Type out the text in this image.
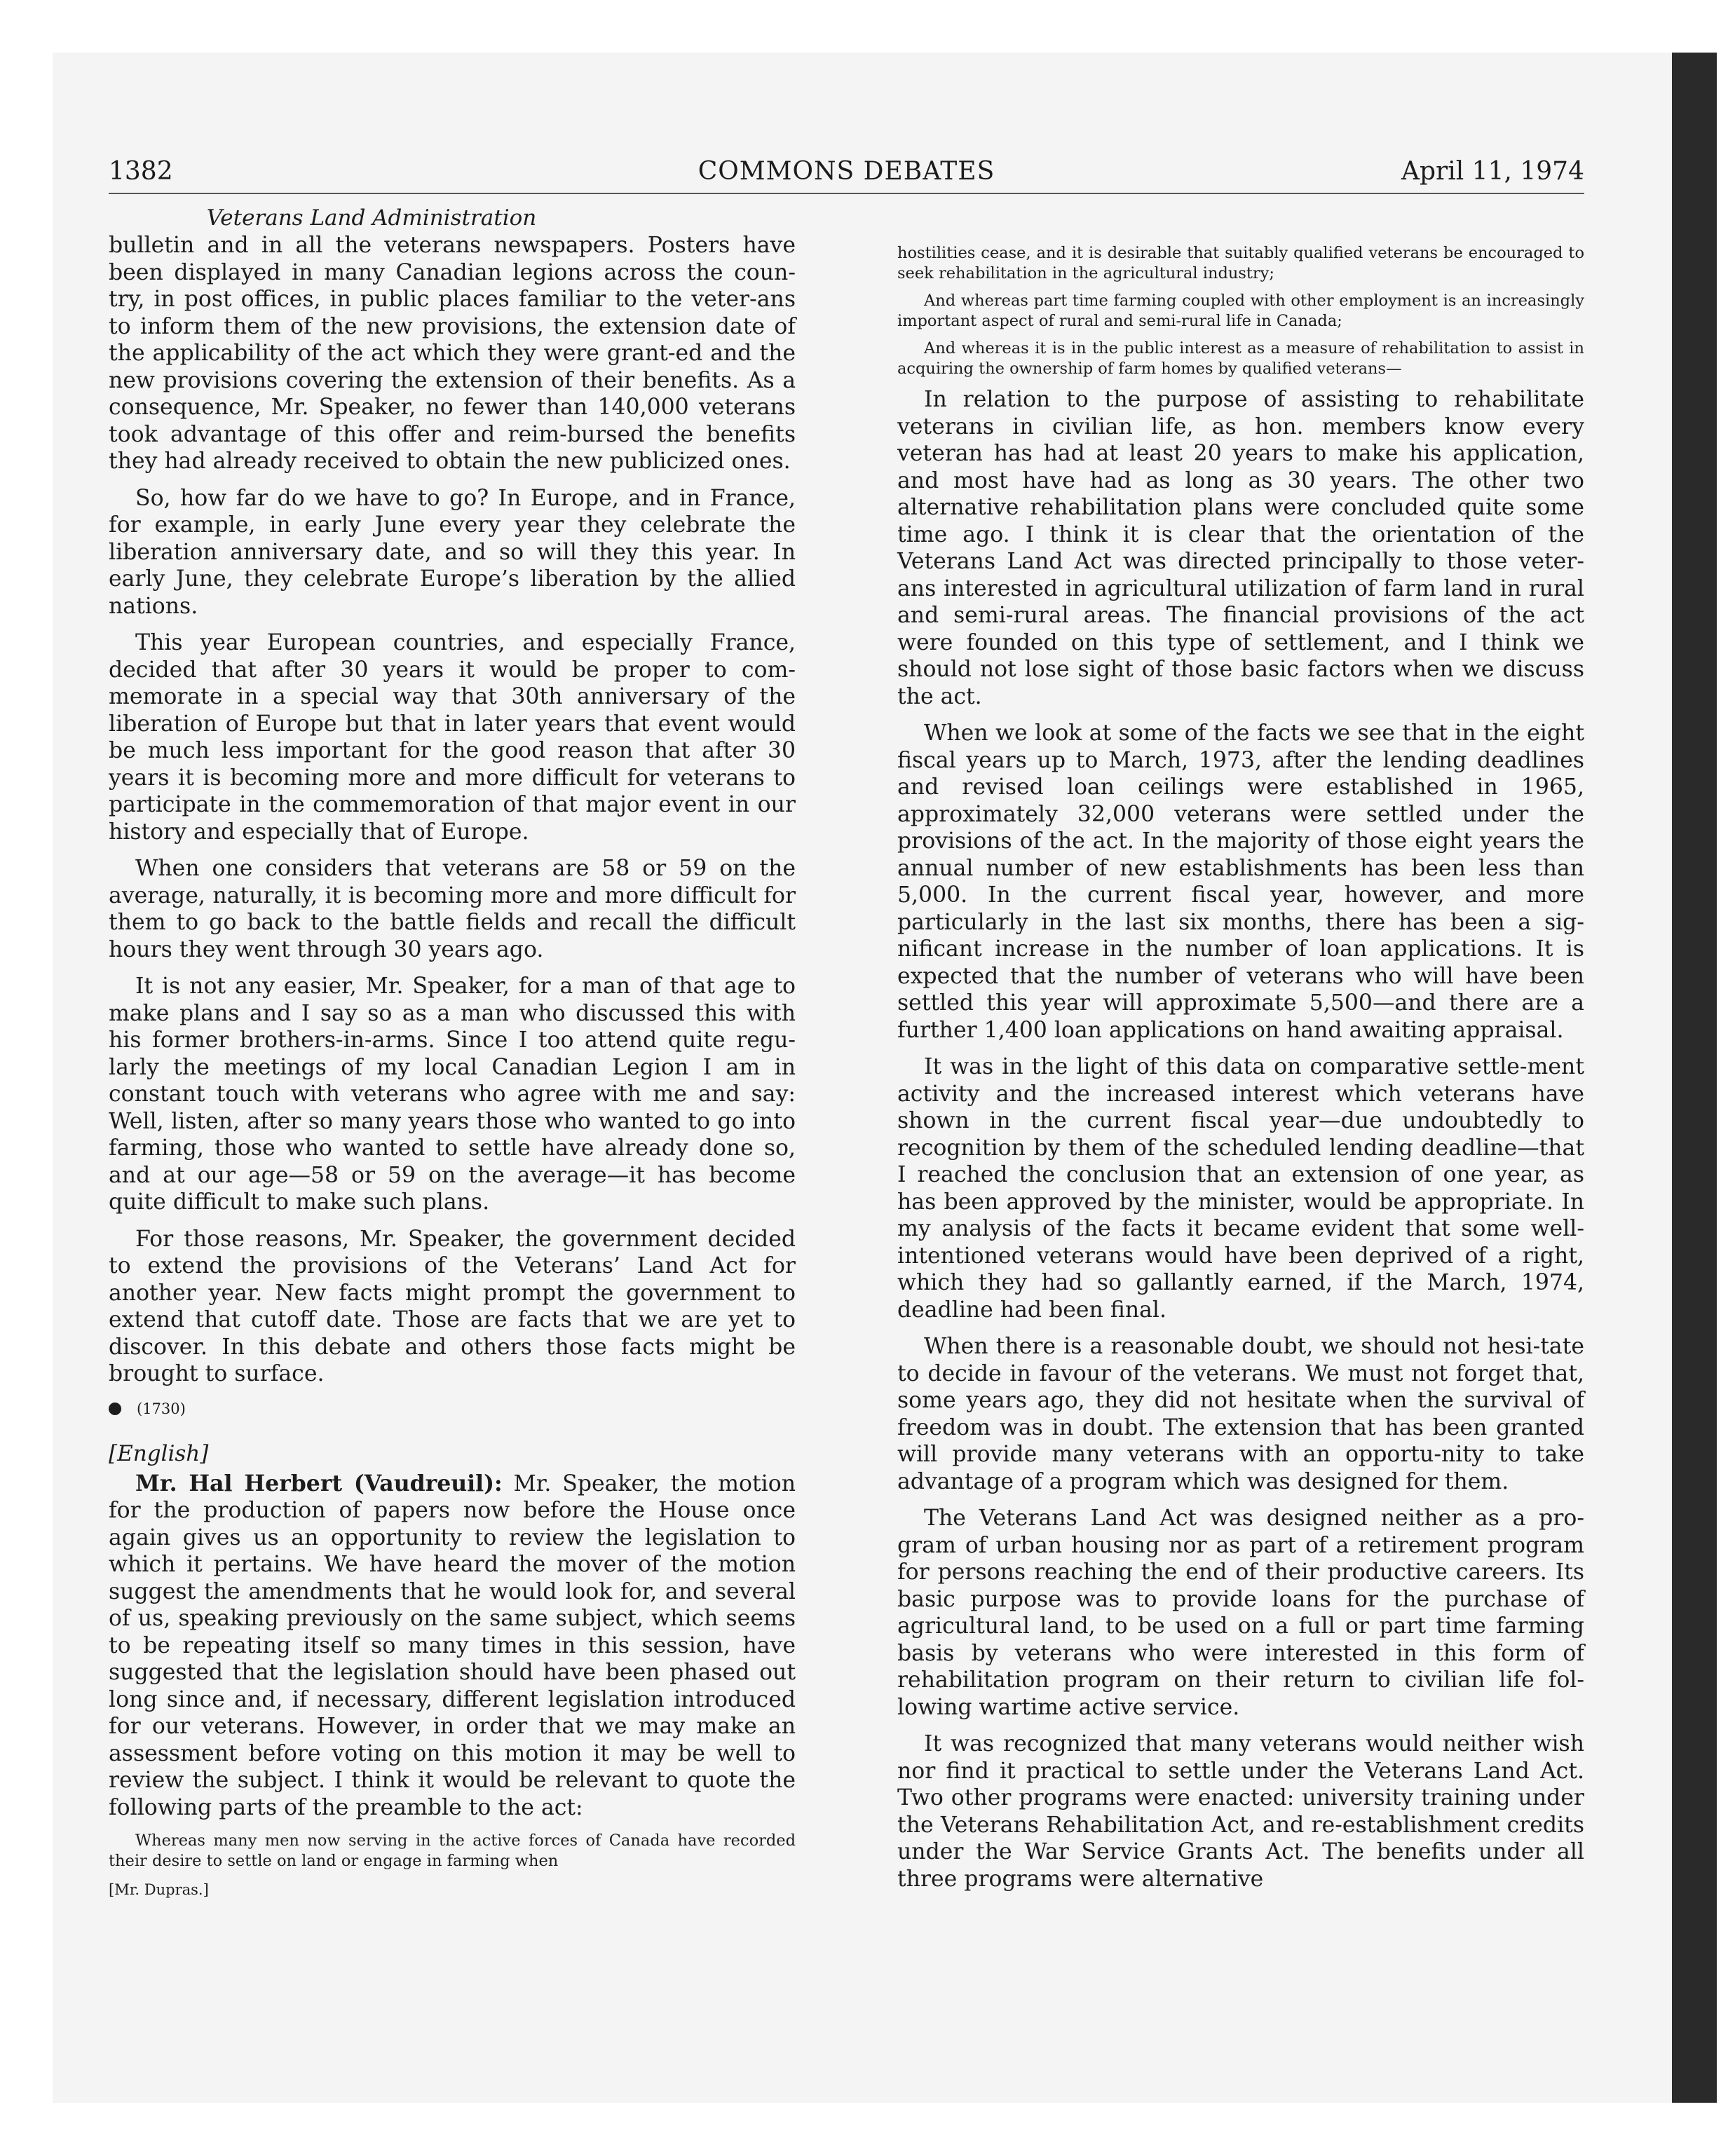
1382	COMMONS DEBATES	April 11, 1974
Veterans Land Administration

bulletin and in all the veterans newspapers. Posters have been displayed in many Canadian legions across the coun-try, in post offices, in public places familiar to the veter-ans to inform them of the new provisions, the extension date of the applicability of the act which they were grant-ed and the new provisions covering the extension of their benefits. As a consequence, Mr. Speaker, no fewer than 140,000 veterans took advantage of this offer and reim-bursed the benefits they had already received to obtain the new publicized ones.

So, how far do we have to go? In Europe, and in France, for example, in early June every year they celebrate the liberation anniversary date, and so will they this year. In early June, they celebrate Europe’s liberation by the allied nations.

This year European countries, and especially France, decided that after 30 years it would be proper to com-memorate in a special way that 30th anniversary of the liberation of Europe but that in later years that event would be much less important for the good reason that after 30 years it is becoming more and more difficult for veterans to participate in the commemoration of that major event in our history and especially that of Europe.

When one considers that veterans are 58 or 59 on the average, naturally, it is becoming more and more difficult for them to go back to the battle fields and recall the difficult hours they went through 30 years ago.

It is not any easier, Mr. Speaker, for a man of that age to make plans and I say so as a man who discussed this with his former brothers-in-arms. Since I too attend quite regu-larly the meetings of my local Canadian Legion I am in constant touch with veterans who agree with me and say: Well, listen, after so many years those who wanted to go into farming, those who wanted to settle have already done so, and at our age—58 or 59 on the average—it has become quite difficult to make such plans.

For those reasons, Mr. Speaker, the government decided to extend the provisions of the Veterans’ Land Act for another year. New facts might prompt the government to extend that cutoff date. Those are facts that we are yet to discover. In this debate and others those facts might be brought to surface.

(1730)
[English]

Mr. Hal Herbert (Vaudreuil): Mr. Speaker, the motion for the production of papers now before the House once again gives us an opportunity to review the legislation to which it pertains. We have heard the mover of the motion suggest the amendments that he would look for, and several of us, speaking previously on the same subject, which seems to be repeating itself so many times in this session, have suggested that the legislation should have been phased out long since and, if necessary, different legislation introduced for our veterans. However, in order that we may make an assessment before voting on this motion it may be well to review the subject. I think it would be relevant to quote the following parts of the preamble to the act:

Whereas many men now serving in the active forces of Canada have recorded their desire to settle on land or engage in farming when

[Mr. Dupras.]

hostilities cease, and it is desirable that suitably qualified veterans be encouraged to seek rehabilitation in the agricultural industry;

And whereas part time farming coupled with other employment is an increasingly important aspect of rural and semi-rural life in Canada;

And whereas it is in the public interest as a measure of rehabilitation to assist in acquiring the ownership of farm homes by qualified veterans—

In relation to the purpose of assisting to rehabilitate veterans in civilian life, as hon. members know every veteran has had at least 20 years to make his application, and most have had as long as 30 years. The other two alternative rehabilitation plans were concluded quite some time ago. I think it is clear that the orientation of the Veterans Land Act was directed principally to those veter-ans interested in agricultural utilization of farm land in rural and semi-rural areas. The financial provisions of the act were founded on this type of settlement, and I think we should not lose sight of those basic factors when we discuss the act.

When we look at some of the facts we see that in the eight fiscal years up to March, 1973, after the lending deadlines and revised loan ceilings were established in 1965, approximately 32,000 veterans were settled under the provisions of the act. In the majority of those eight years the annual number of new establishments has been less than 5,000. In the current fiscal year, however, and more particularly in the last six months, there has been a sig-nificant increase in the number of loan applications. It is expected that the number of veterans who will have been settled this year will approximate 5,500—and there are a further 1,400 loan applications on hand awaiting appraisal.

It was in the light of this data on comparative settle-ment activity and the increased interest which veterans have shown in the current fiscal year—due undoubtedly to recognition by them of the scheduled lending deadline—that I reached the conclusion that an extension of one year, as has been approved by the minister, would be appropriate. In my analysis of the facts it became evident that some well-intentioned veterans would have been deprived of a right, which they had so gallantly earned, if the March, 1974, deadline had been final.

When there is a reasonable doubt, we should not hesi-tate to decide in favour of the veterans. We must not forget that, some years ago, they did not hesitate when the survival of freedom was in doubt. The extension that has been granted will provide many veterans with an opportu-nity to take advantage of a program which was designed for them.

The Veterans Land Act was designed neither as a pro-gram of urban housing nor as part of a retirement program for persons reaching the end of their productive careers. Its basic purpose was to provide loans for the purchase of agricultural land, to be used on a full or part time farming basis by veterans who were interested in this form of rehabilitation program on their return to civilian life fol-lowing wartime active service.

It was recognized that many veterans would neither wish nor find it practical to settle under the Veterans Land Act. Two other programs were enacted: university training under the Veterans Rehabilitation Act, and re-establishment credits under the War Service Grants Act. The benefits under all three programs were alternative
